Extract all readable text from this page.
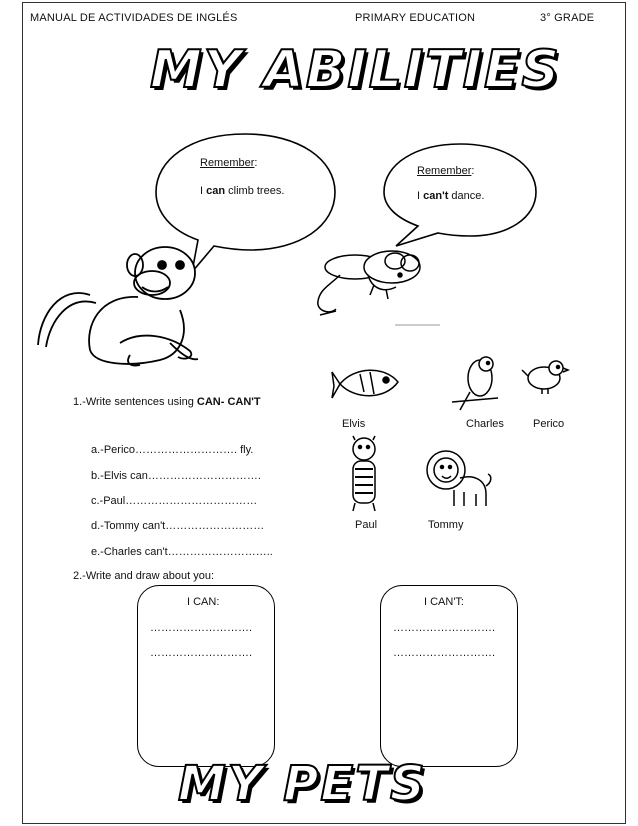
MANUAL DE ACTIVIDADES DE INGLÉS	PRIMARY EDUCATION	3° GRADE
MY ABILITIES
Remember:
I can climb trees.
Remember:
I can't dance.
1.-Write sentences using CAN- CAN'T
a.-Perico………………………. fly.
b.-Elvis can………………………….
c.-Paul………………………………
d.-Tommy can't………………………
e.-Charles can't………………………..
Elvis	Charles	Perico
Paul	Tommy
2.-Write and draw about you:
I CAN:
……………………….
……………………….
I CAN'T:
……………………….
……………………….
MY PETS
